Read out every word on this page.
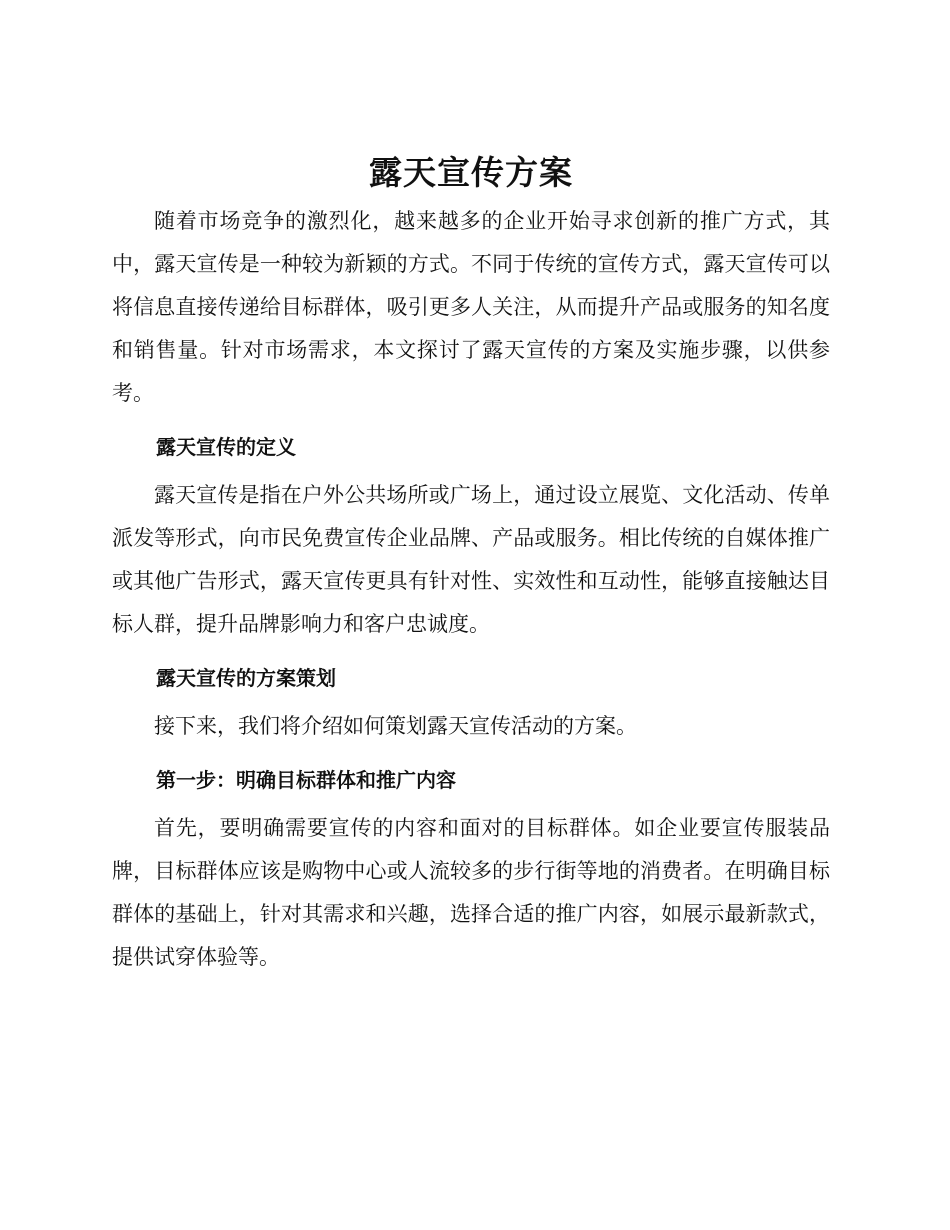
露天宣传方案

随着市场竞争的激烈化，越来越多的企业开始寻求创新的推广方式，其中，露天宣传是一种较为新颖的方式。不同于传统的宣传方式，露天宣传可以将信息直接传递给目标群体，吸引更多人关注，从而提升产品或服务的知名度和销售量。针对市场需求，本文探讨了露天宣传的方案及实施步骤，以供参考。

露天宣传的定义

露天宣传是指在户外公共场所或广场上，通过设立展览、文化活动、传单派发等形式，向市民免费宣传企业品牌、产品或服务。相比传统的自媒体推广或其他广告形式，露天宣传更具有针对性、实效性和互动性，能够直接触达目标人群，提升品牌影响力和客户忠诚度。

露天宣传的方案策划

接下来，我们将介绍如何策划露天宣传活动的方案。

第一步：明确目标群体和推广内容

首先，要明确需要宣传的内容和面对的目标群体。如企业要宣传服装品牌，目标群体应该是购物中心或人流较多的步行街等地的消费者。在明确目标群体的基础上，针对其需求和兴趣，选择合适的推广内容，如展示最新款式，提供试穿体验等。
